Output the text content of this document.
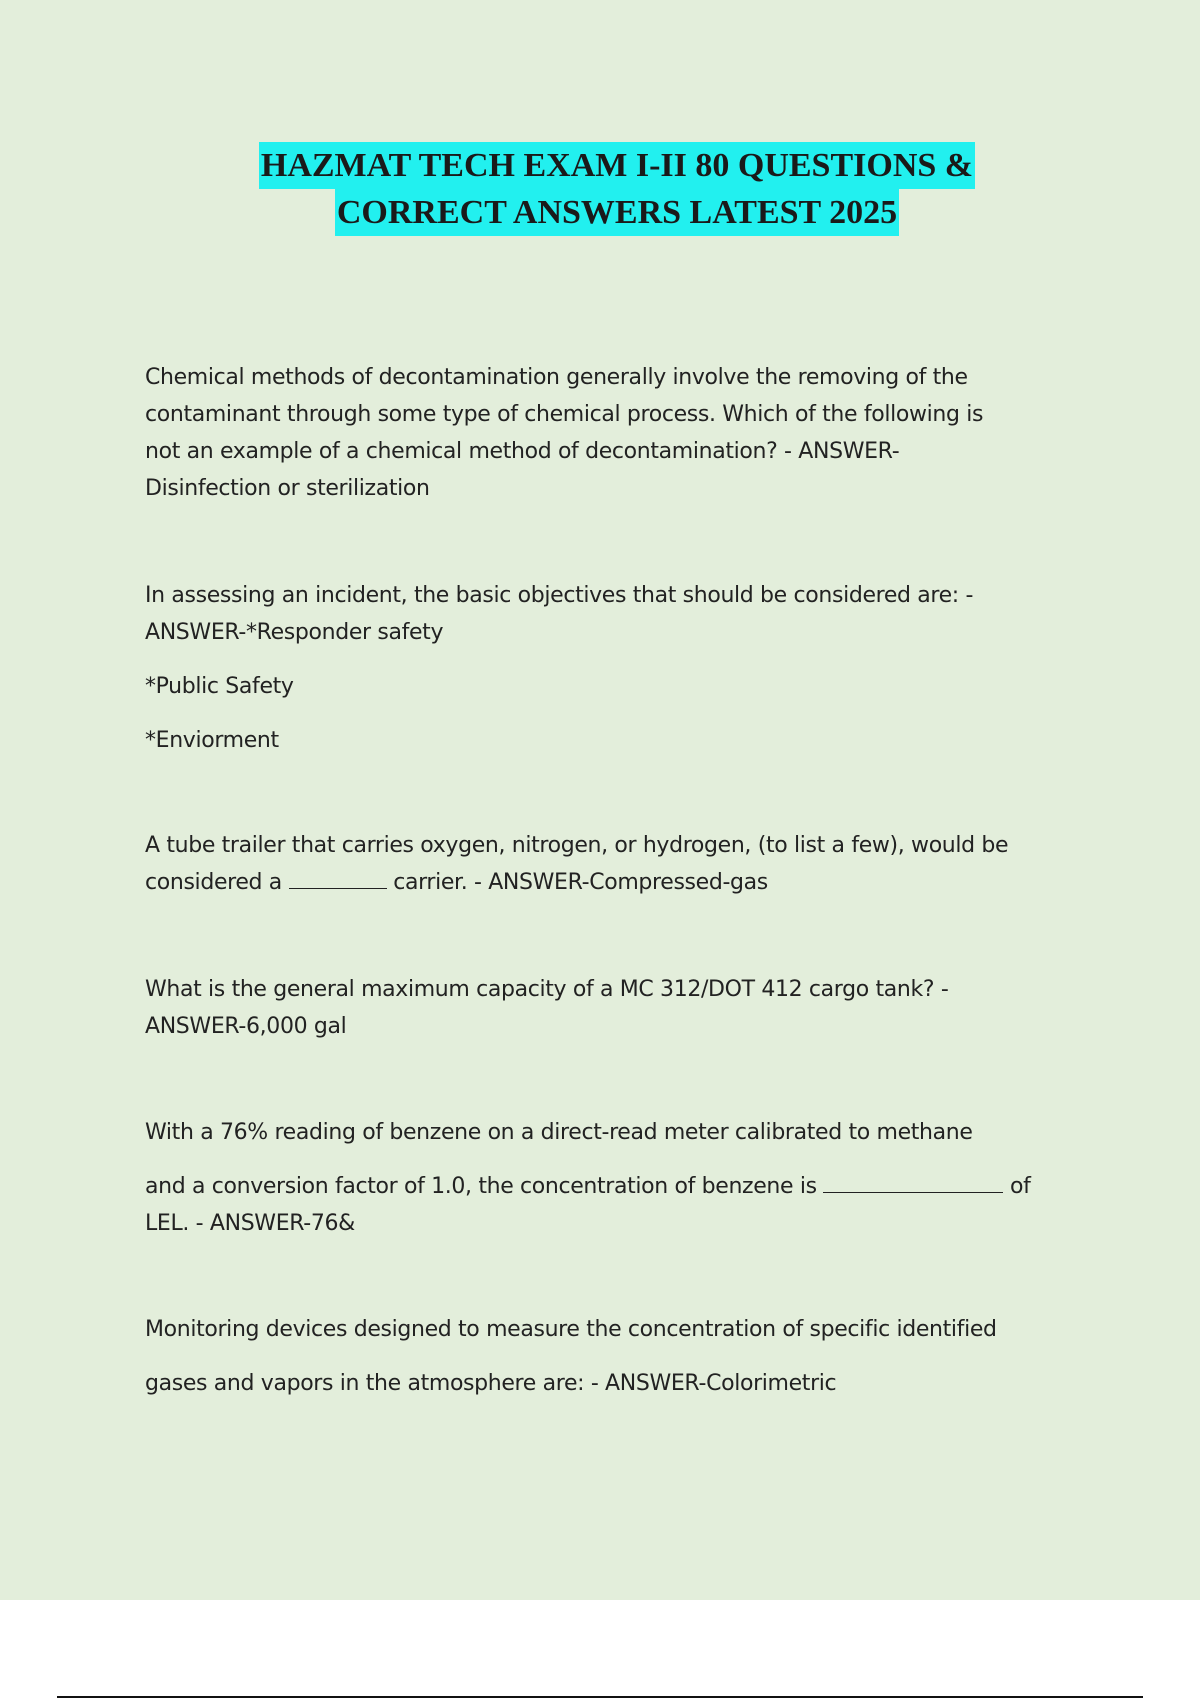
HAZMAT TECH EXAM I-II 80 QUESTIONS &
CORRECT ANSWERS LATEST 2025
Chemical methods of decontamination generally involve the removing of the
contaminant through some type of chemical process. Which of the following is
not an example of a chemical method of decontamination? - ANSWER-
Disinfection or sterilization
In assessing an incident, the basic objectives that should be considered are: -
ANSWER-*Responder safety
*Public Safety
*Enviorment
A tube trailer that carries oxygen, nitrogen, or hydrogen, (to list a few), would be
considered a	carrier. - ANSWER-Compressed-gas
What is the general maximum capacity of a MC 312/DOT 412 cargo tank? -
ANSWER-6,000 gal
With a 76% reading of benzene on a direct-read meter calibrated to methane
and a conversion factor of 1.0, the concentration of benzene is	of
LEL. - ANSWER-76&
Monitoring devices designed to measure the concentration of specific identified
gases and vapors in the atmosphere are: - ANSWER-Colorimetric
